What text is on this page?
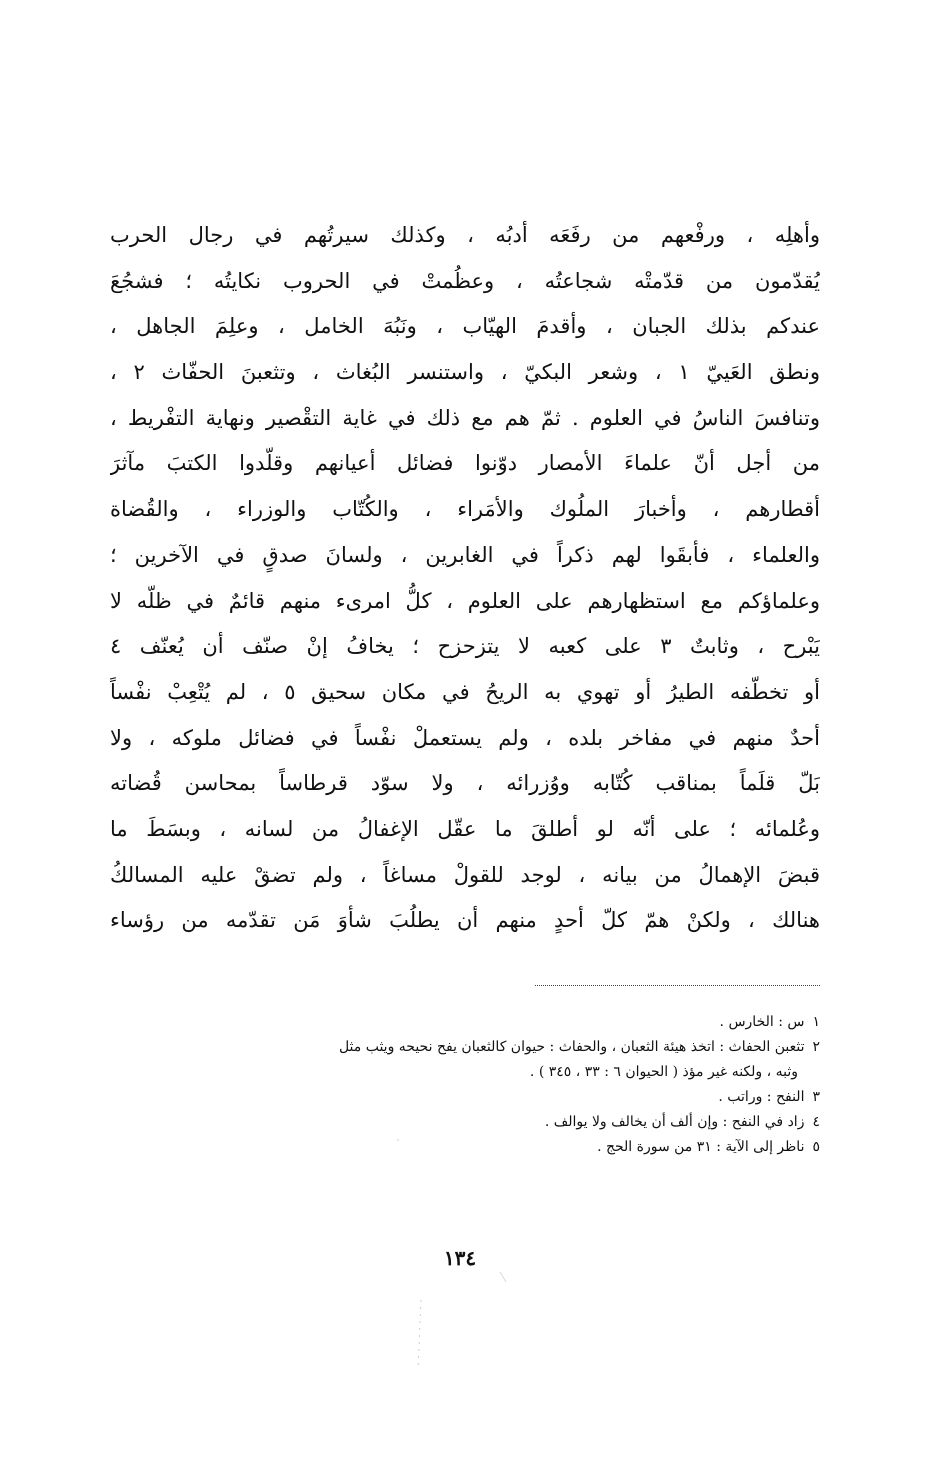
وأهلِه ، ورفْعهم من رفَعَه أدبُه ، وكذلك سيرتُهم في رجال الحرب
يُقدّمون من قدّمتْه شجاعتُه ، وعظُمتْ في الحروب نكايتُه ؛ فشجُعَ
عندكم بذلك الجبان ، وأقدمَ الهيّاب ، ونَبُهَ الخامل ، وعلِمَ الجاهل ،
ونطق العَييّ ١ ، وشعر البكيّ ، واستنسر البُغاث ، وتثعبنَ الحفّاث ٢ ،
وتنافسَ الناسُ في العلوم . ثمّ هم مع ذلك في غاية التقْصير ونهاية التفْريط ،
من أجل أنّ علماءَ الأمصار دوّنوا فضائل أعيانهم وقلّدوا الكتبَ مآثرَ
أقطارهم ، وأخبارَ الملُوك والأمَراء ، والكُتّاب والوزراء ، والقُضاة
والعلماء ، فأبقَوا لهم ذكراً في الغابرين ، ولسانَ صدقٍ في الآخرين ؛
وعلماؤكم مع استظهارهم على العلوم ، كلُّ امرىء منهم قائمٌ في ظلّه لا
يَبْرح ، وثابتٌ ٣ على كعبه لا يتزحزح ؛ يخافُ إنْ صنّف أن يُعنّف ٤
أو تخطّفه الطيرُ أو تهوي به الريحُ في مكان سحيق ٥ ، لم يُتْعِبْ نفْساً
أحدٌ منهم في مفاخر بلده ، ولم يستعملْ نفْساً في فضائل ملوكه ، ولا
بَلّ قلَماً بمناقب كُتّابه ووُزرائه ، ولا سوّد قرطاساً بمحاسن قُضاته
وعُلمائه ؛ على أنّه لو أطلقَ ما عقّل الإغفالُ من لسانه ، وبسَطَ ما
قبضَ الإهمالُ من بيانه ، لوجد للقولْ مساغاً ، ولم تضقْ عليه المسالكُ
هنالك ، ولكنْ همّ كلّ أحدٍ منهم أن يطلُبَ شأوَ مَن تقدّمه من رؤساء
١س : الخارس .
٢تثعبن الحفاث : اتخذ هيئة الثعبان ، والحفاث : حيوان كالثعبان يفح نحيحه ويثب مثل
وثبه ، ولكنه غير مؤذ ( الحيوان ٦ : ٣٣ ، ٣٤٥ ) .
٣النفح : وراتب .
٤زاد في النفح : وإن ألف أن يخالف ولا يوالف .
٥ناظر إلى الآية : ٣١ من سورة الحج .
١٣٤
